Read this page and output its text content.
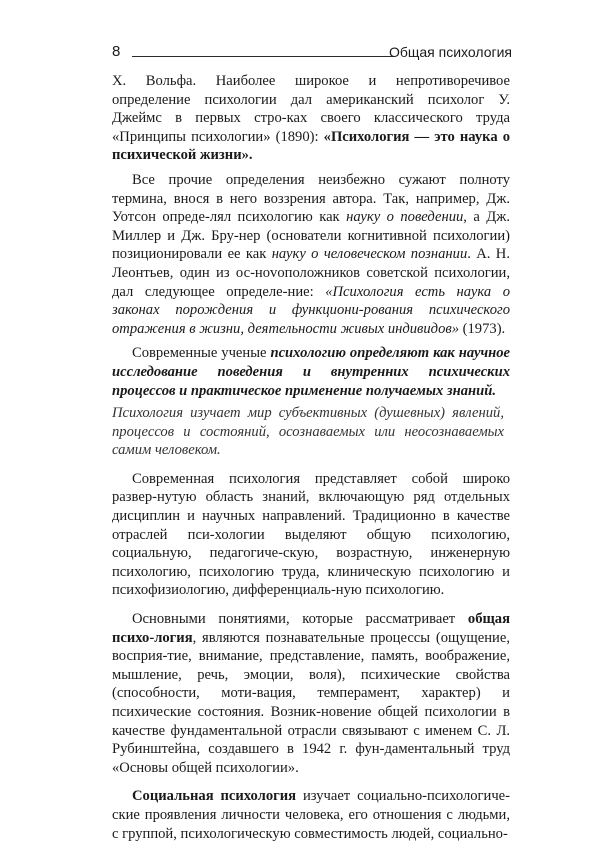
8	Общая психология

Х. Вольфа. Наиболее широкое и непротиворечивое определение психологии дал американский психолог У. Джеймс в первых стро-ках своего классического труда «Принципы психологии» (1890): «Психология — это наука о психической жизни».

Все прочие определения неизбежно сужают полноту термина, внося в него воззрения автора. Так, например, Дж. Уотсон опреде-лял психологию как науку о поведении, а Дж. Миллер и Дж. Бру-нер (основатели когнитивной психологии) позиционировали ее как науку о человеческом познании. А. Н. Леонтьев, один из ос-нovоположников советской психологии, дал следующее определе-ние: «Психология есть наука о законах порождения и функциони-рования психического отражения в жизни, деятельности живых индивидов» (1973).

Современные ученые психологию определяют как научное исследование поведения и внутренних психических процессов и практическое применение получаемых знаний.

Психология изучает мир субъективных (душевных) явлений, процессов и состояний, осознаваемых или неосознаваемых самим человеком.

Современная психология представляет собой широко развер-нутую область знаний, включающую ряд отдельных дисциплин и научных направлений. Традиционно в качестве отраслей пси-хологии выделяют общую психологию, социальную, педагогиче-скую, возрастную, инженерную психологию, психологию труда, клиническую психологию и психофизиологию, дифференциаль-ную психологию.

Основными понятиями, которые рассматривает общая психо-логия, являются познавательные процессы (ощущение, восприя-тие, внимание, представление, память, воображение, мышление, речь, эмоции, воля), психические свойства (способности, моти-вация, темперамент, характер) и психические состояния. Возник-новение общей психологии в качестве фундаментальной отрасли связывают с именем С. Л. Рубинштейна, создавшего в 1942 г. фун-даментальный труд «Основы общей психологии».

Социальная психология изучает социально-психологиче-ские проявления личности человека, его отношения с людьми, с группой, психологическую совместимость людей, социально-
